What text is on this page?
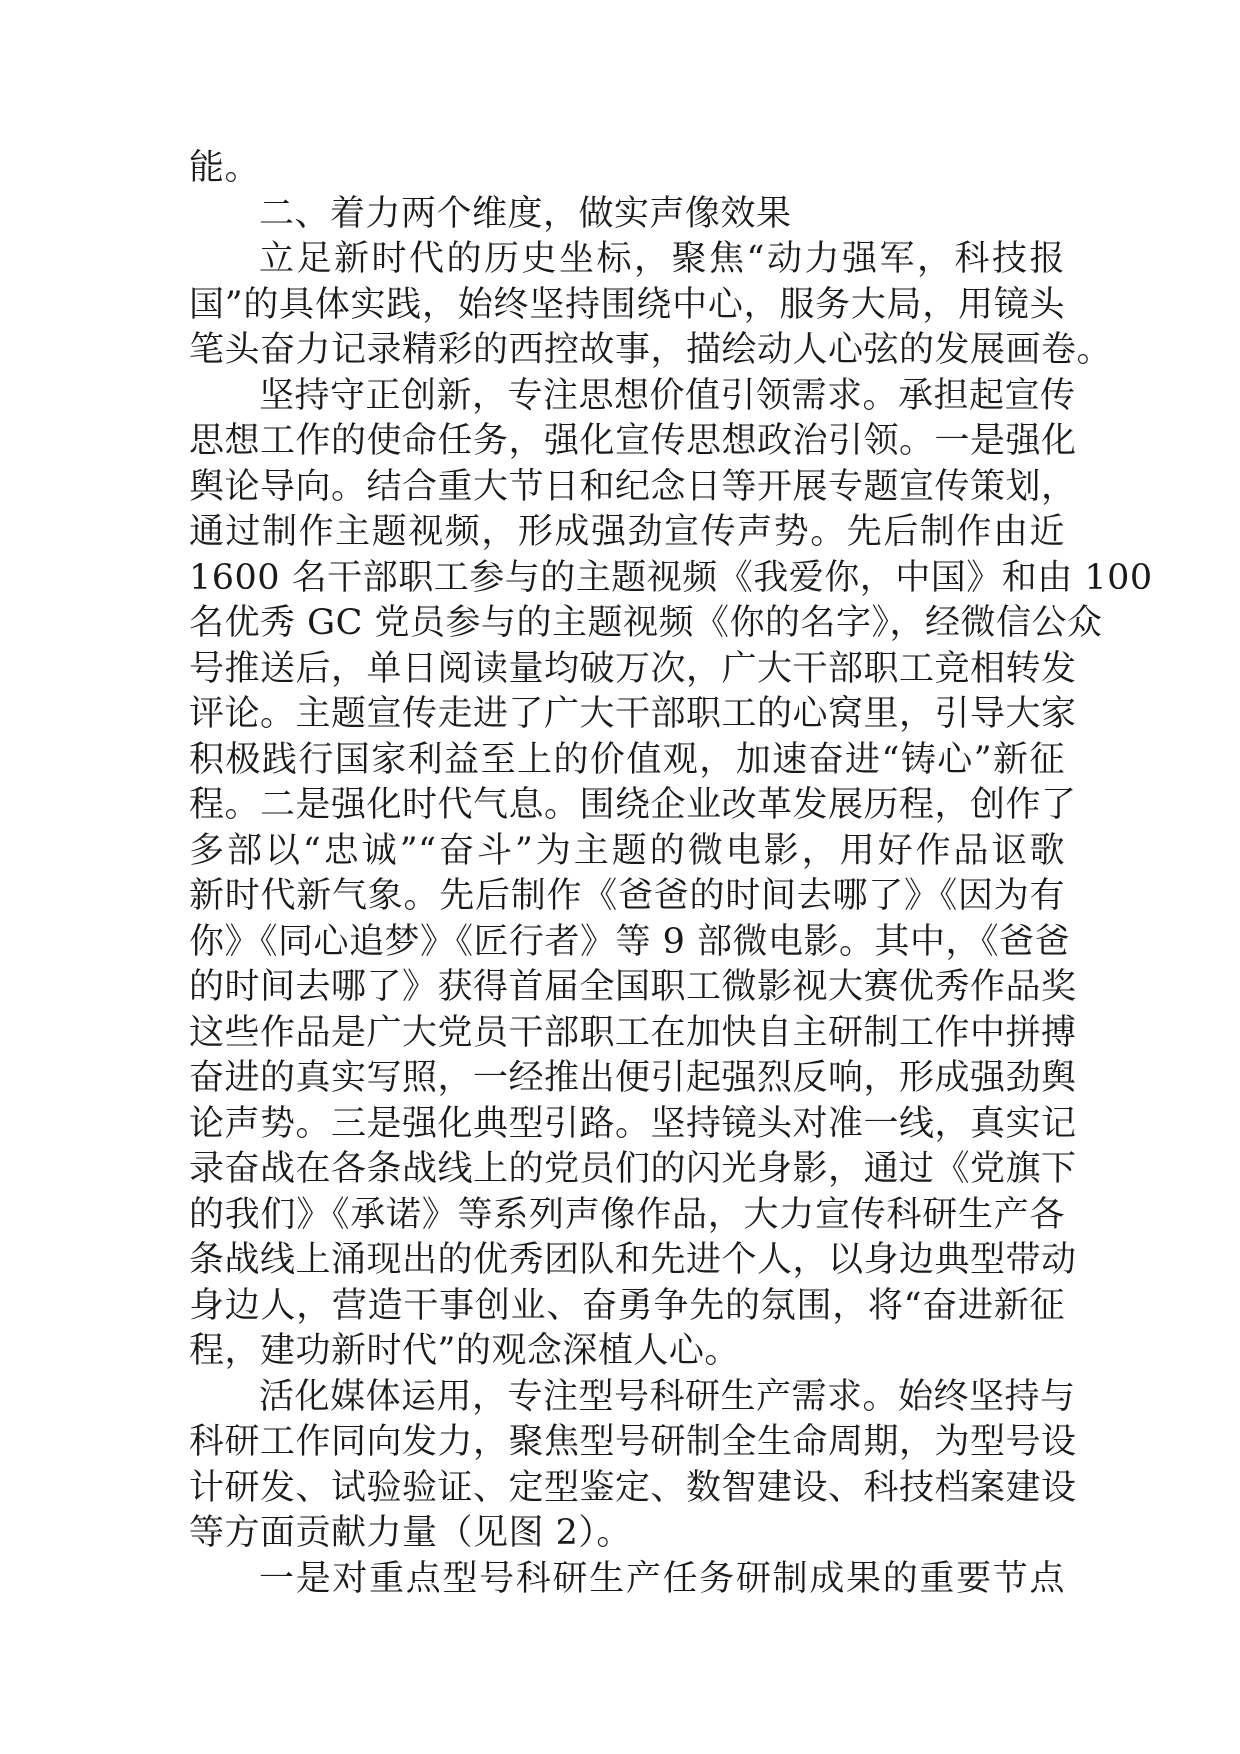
能。
二、着力两个维度，做实声像效果
立足新时代的历史坐标，聚焦“动力强军，科技报
国”的具体实践，始终坚持围绕中心，服务大局，用镜头
笔头奋力记录精彩的西控故事，描绘动人心弦的发展画卷。
坚持守正创新，专注思想价值引领需求。承担起宣传
思想工作的使命任务，强化宣传思想政治引领。一是强化
舆论导向。结合重大节日和纪念日等开展专题宣传策划，
通过制作主题视频，形成强劲宣传声势。先后制作由近
1600 名干部职工参与的主题视频《我爱你，中国》和由 100
名优秀 GC 党员参与的主题视频《你的名字》，经微信公众
号推送后，单日阅读量均破万次，广大干部职工竞相转发
评论。主题宣传走进了广大干部职工的心窝里，引导大家
积极践行国家利益至上的价值观，加速奋进“铸心”新征
程。二是强化时代气息。围绕企业改革发展历程，创作了
多部以“忠诚”“奋斗”为主题的微电影，用好作品讴歌
新时代新气象。先后制作《爸爸的时间去哪了》《因为有
你》《同心追梦》《匠行者》等 9 部微电影。其中，《爸爸
的时间去哪了》获得首届全国职工微影视大赛优秀作品奖
这些作品是广大党员干部职工在加快自主研制工作中拼搏
奋进的真实写照，一经推出便引起强烈反响，形成强劲舆
论声势。三是强化典型引路。坚持镜头对准一线，真实记
录奋战在各条战线上的党员们的闪光身影，通过《党旗下
的我们》《承诺》等系列声像作品，大力宣传科研生产各
条战线上涌现出的优秀团队和先进个人，以身边典型带动
身边人，营造干事创业、奋勇争先的氛围，将“奋进新征
程，建功新时代”的观念深植人心。
活化媒体运用，专注型号科研生产需求。始终坚持与
科研工作同向发力，聚焦型号研制全生命周期，为型号设
计研发、试验验证、定型鉴定、数智建设、科技档案建设
等方面贡献力量（见图 2）。
一是对重点型号科研生产任务研制成果的重要节点
